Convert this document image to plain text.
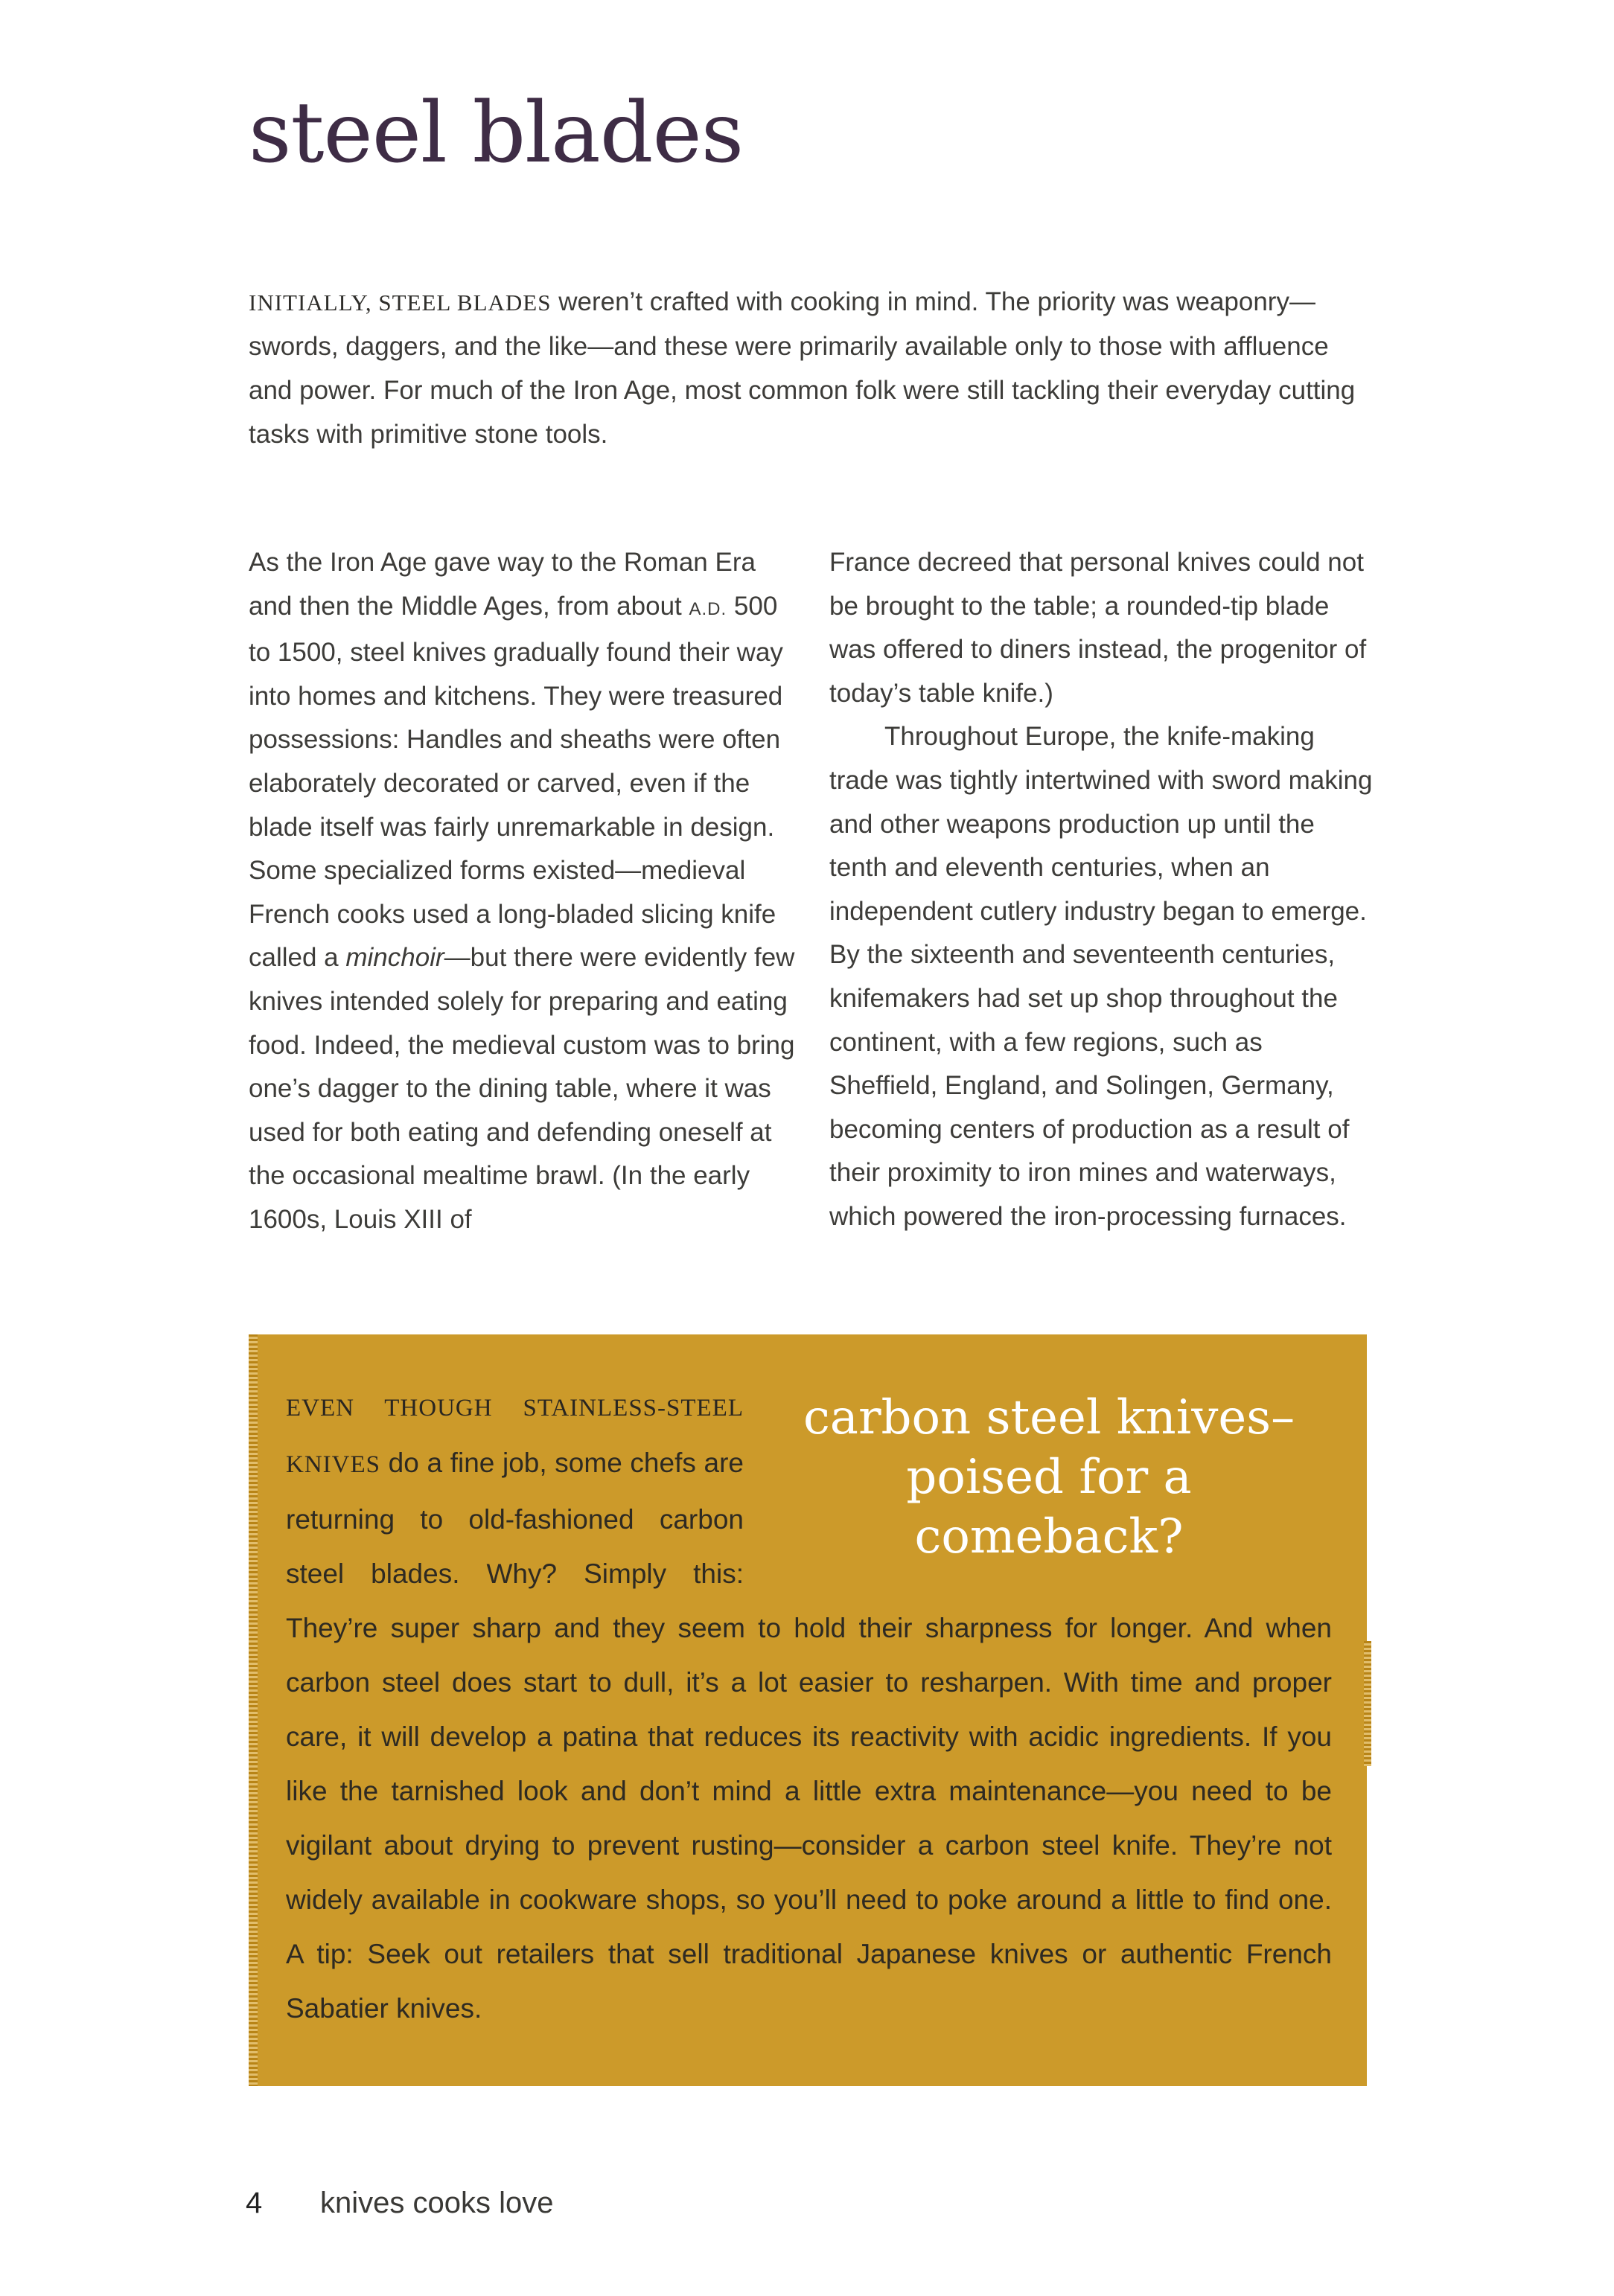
steel blades

INITIALLY, STEEL BLADES weren’t crafted with cooking in mind. The priority was weaponry—swords, daggers, and the like—and these were primarily available only to those with affluence and power. For much of the Iron Age, most common folk were still tackling their everyday cutting tasks with primitive stone tools.

As the Iron Age gave way to the Roman Era and then the Middle Ages, from about A.D. 500 to 1500, steel knives gradually found their way into homes and kitchens. They were treasured possessions: Handles and sheaths were often elaborately decorated or carved, even if the blade itself was fairly unremarkable in design. Some specialized forms existed—medieval French cooks used a long-bladed slicing knife called a minchoir—but there were evidently few knives intended solely for preparing and eating food. Indeed, the medieval custom was to bring one’s dagger to the dining table, where it was used for both eating and defending oneself at the occasional mealtime brawl. (In the early 1600s, Louis XIII of

France decreed that personal knives could not be brought to the table; a rounded-tip blade was offered to diners instead, the progenitor of today’s table knife.)
Throughout Europe, the knife-making trade was tightly intertwined with sword making and other weapons production up until the tenth and eleventh centuries, when an independent cutlery industry began to emerge. By the sixteenth and seventeenth centuries, knifemakers had set up shop throughout the continent, with a few regions, such as Sheffield, England, and Solingen, Germany, becoming centers of production as a result of their proximity to iron mines and waterways, which powered the iron-processing furnaces.

carbon steel knives–
poised for a comeback?
EVEN THOUGH STAINLESS-STEEL KNIVES do a fine job, some chefs are returning to old-fashioned carbon steel blades. Why? Simply this: They’re super sharp and they seem to hold their sharpness for longer. And when carbon steel does start to dull, it’s a lot easier to resharpen. With time and proper care, it will develop a patina that reduces its reactivity with acidic ingredients. If you like the tarnished look and don’t mind a little extra maintenance—you need to be vigilant about drying to prevent rusting—consider a carbon steel knife. They’re not widely available in cookware shops, so you’ll need to poke around a little to find one. A tip: Seek out retailers that sell traditional Japanese knives or authentic French Sabatier knives.

4 knives cooks love
